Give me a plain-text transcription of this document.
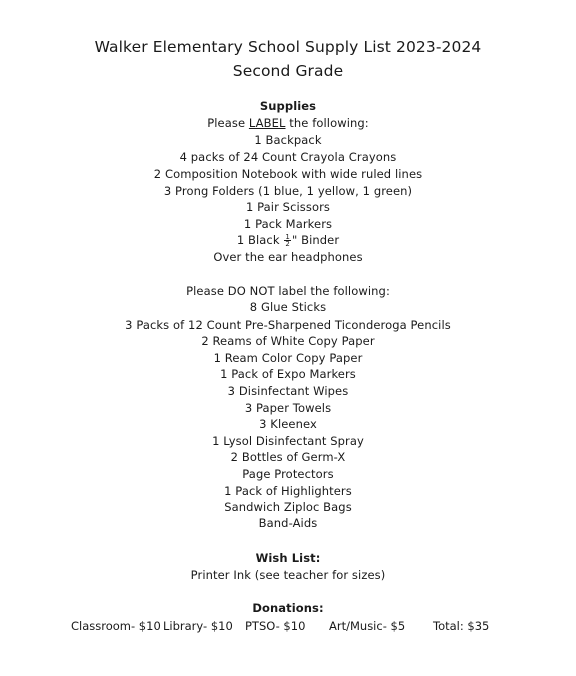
Walker Elementary School Supply List 2023-2024
Second Grade
Supplies
Please LABEL the following:
1 Backpack
4 packs of 24 Count Crayola Crayons
2 Composition Notebook with wide ruled lines
3 Prong Folders (1 blue, 1 yellow, 1 green)
1 Pair Scissors
1 Pack Markers
1 Black $\frac{1}{2}$ " Binder
Over the ear headphones
Please DO NOT label the following:
8 Glue Sticks
3 Packs of 12 Count Pre-Sharpened Ticonderoga Pencils
2 Reams of White Copy Paper
1 Ream Color Copy Paper
1 Pack of Expo Markers
3 Disinfectant Wipes
3 Paper Towels
3 Kleenex
1 Lysol Disinfectant Spray
2 Bottles of Germ-X
Page Protectors
1 Pack of Highlighters
Sandwich Ziploc Bags
Band-Aids
Wish List:
Printer Ink (see teacher for sizes)
Donations:
Classroom- $10 Library- $10 PTSO- $10 Art/Music- $5 Total: $35
